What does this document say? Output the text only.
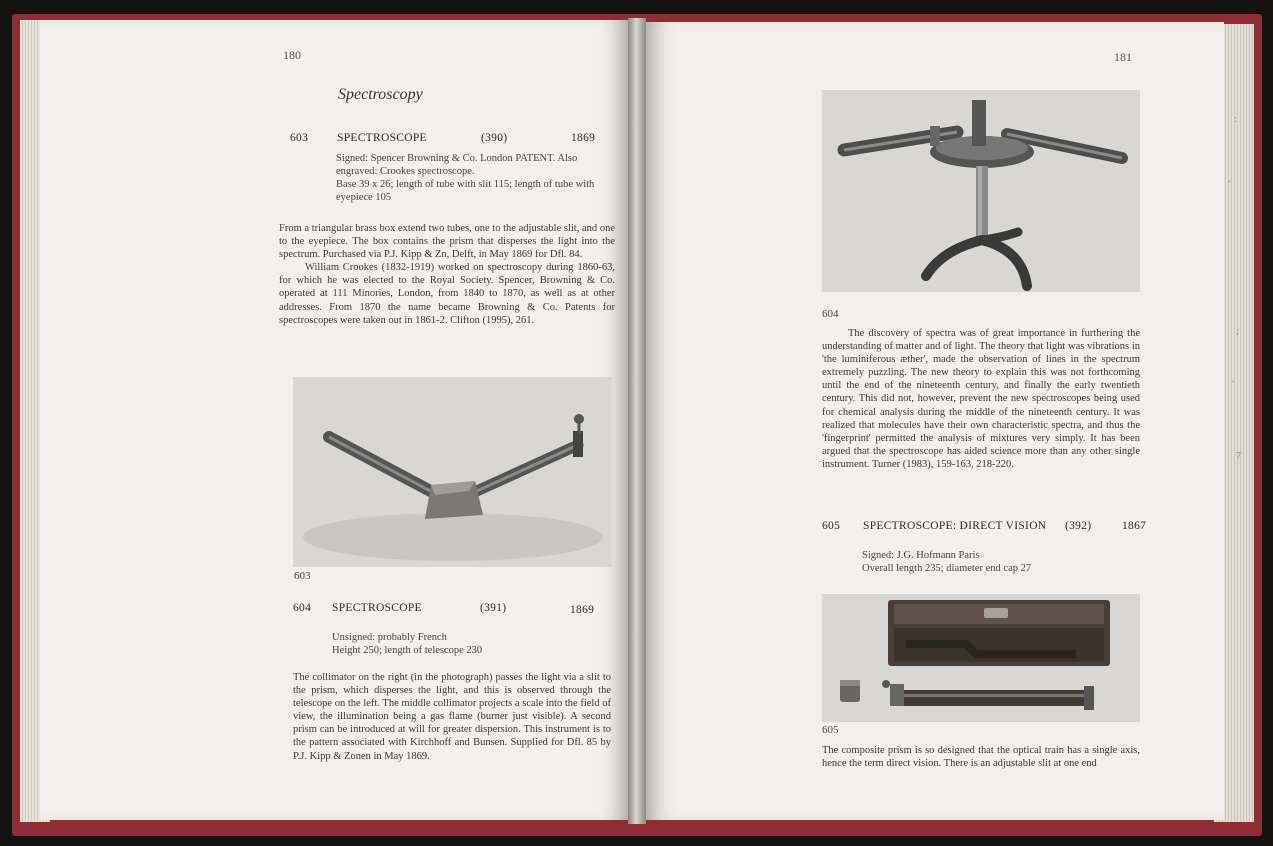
180
Spectroscopy
603	SPECTROSCOPE	(390)	1869

Signed: Spencer Browning & Co. London PATENT. Also

engraved: Crookes spectroscope.

Base 39 x 26; length of tube with slit 115; length of tube with

eyepiece 105

From a triangular brass box extend two tubes, one to the adjustable slit, and one to the eyepiece. The box contains the prism that disperses the light into the spectrum. Purchased via P.J. Kipp & Zn, Delft, in May 1869 for Dfl. 84.

William Crookes (1832-1919) worked on spectroscopy during 1860-63, for which he was elected to the Royal Society. Spencer, Browning & Co. operated at 111 Minories, London, from 1840 to 1870, as well as at other addresses. From 1870 the name became Browning & Co. Patents for spectroscopes were taken out in 1861-2. Clifton (1995), 261.

603
604 SPECTROSCOPE	(391)	1869

Unsigned: probably French

Height 250; length of telescope 230

The collimator on the right (in the photograph) passes the light via a slit to the prism, which disperses the light, and this is observed through the telescope on the left. The middle collimator projects a scale into the field of view, the illumination being a gas flame (burner just visible). A second prism can be introduced at will for greater dispersion. This instrument is to the pattern associated with Kirchhoff and Bunsen. Supplied for Dfl. 85 by P.J. Kipp & Zonen in May 1869.

181
604

The discovery of spectra was of great importance in furthering the understanding of matter and of light. The theory that light was vibrations in 'the luminiferous æther', made the observation of lines in the spectrum extremely puzzling. The new theory to explain this was not forthcoming until the end of the nineteenth century, and finally the early twentieth century. This did not, however, prevent the new spectroscopes being used for chemical analysis during the middle of the nineteenth century. It was realized that molecules have their own characteristic spectra, and thus the 'fingerprint' permitted the analysis of mixtures very simply. It has been argued that the spectroscope has aided science more than any other single instrument. Turner (1983), 159-163, 218-220.

605 SPECTROSCOPE: DIRECT VISION (392)	1867

Signed: J.G. Hofmann Paris

Overall length 235; diameter end cap 27

605

The composite prism is so designed that the optical train has a single axis, hence the term direct vision. There is an adjustable slit at one end

:
.
;
.
7
